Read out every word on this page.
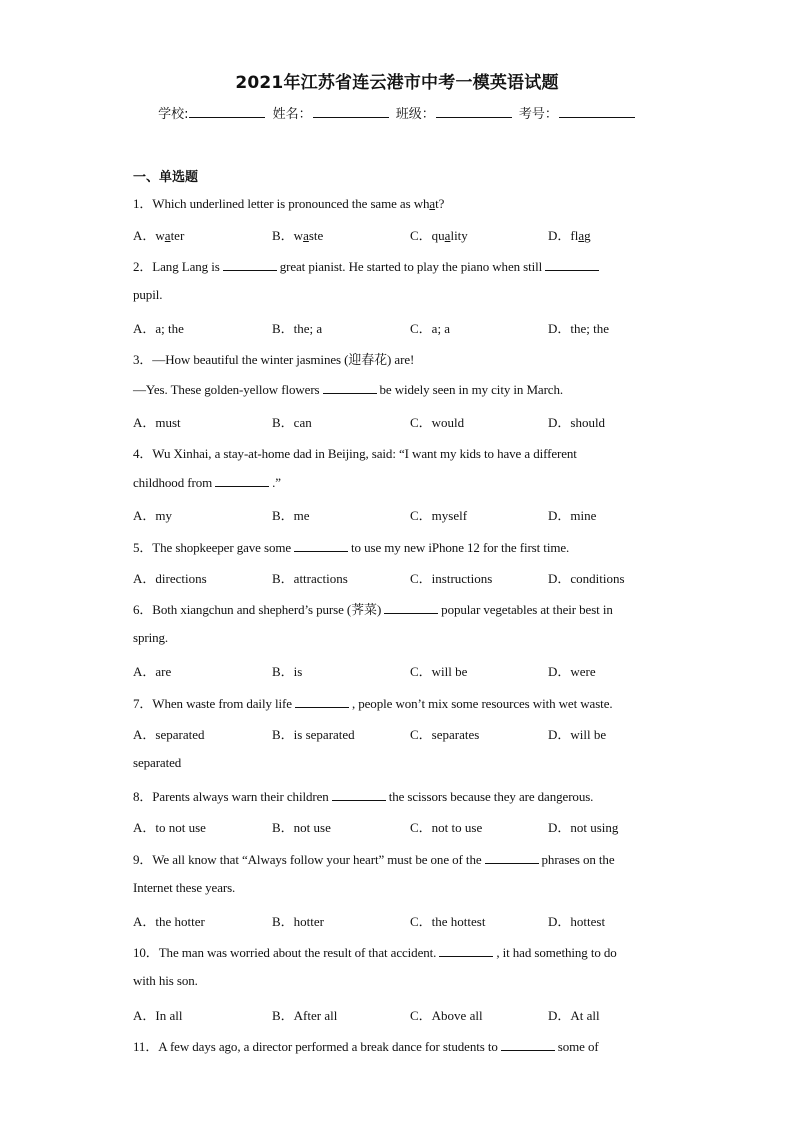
2021年江苏省连云港市中考一模英语试题
学校:	姓名：	班级：	考号：
一、单选题
1．Which underlined letter is pronounced the same as what?
A．water	B．waste	C．quality	D．flag
2．Lang Lang is	great pianist. He started to play the piano when still
pupil.
A．a; the	B．the; a	C．a; a	D．the; the
3．—How beautiful the winter jasmines (迎春花) are!
—Yes. These golden-yellow flowers	be widely seen in my city in March.
A．must	B．can	C．would	D．should
4．Wu Xinhai, a stay-at-home dad in Beijing, said: “I want my kids to have a different
childhood from	.”
A．my	B．me	C．myself	D．mine
5．The shopkeeper gave some	to use my new iPhone 12 for the first time.
A．directions	B．attractions	C．instructions	D．conditions
6．Both xiangchun and shepherd’s purse (荠菜)	popular vegetables at their best in
spring.
A．are	B．is	C．will be	D．were
7．When waste from daily life	, people won’t mix some resources with wet waste.
A．separated	B．is separated	C．separates	D．will be
separated
8．Parents always warn their children	the scissors because they are dangerous.
A．to not use	B．not use	C．not to use	D．not using
9．We all know that “Always follow your heart” must be one of the	phrases on the
Internet these years.
A．the hotter	B．hotter	C．the hottest	D．hottest
10．The man was worried about the result of that accident.	, it had something to do
with his son.
A．In all	B．After all	C．Above all	D．At all
11．A few days ago, a director performed a break dance for students to	some of
